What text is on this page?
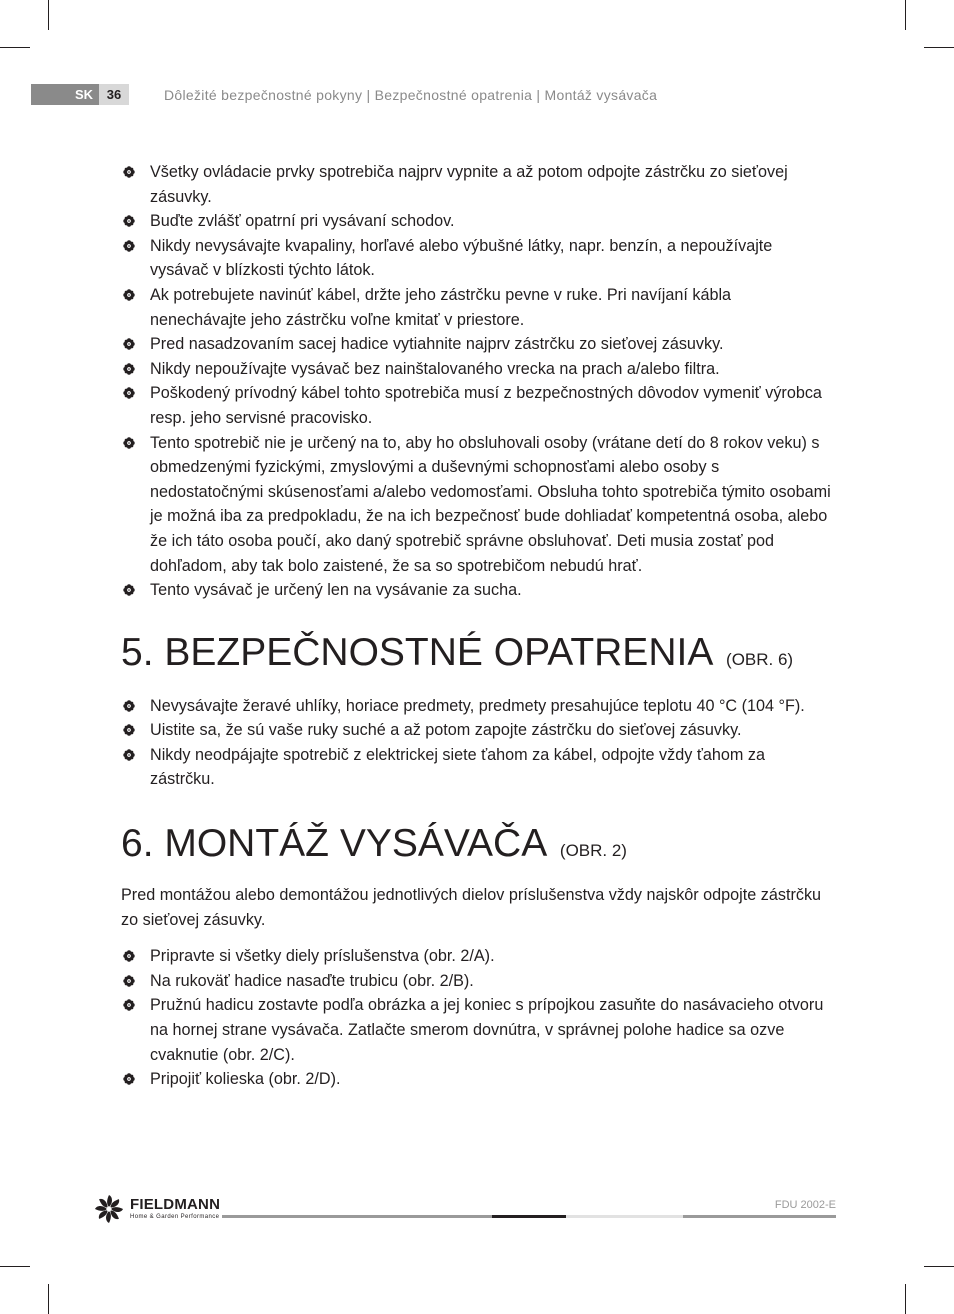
SK	36	Dôležité bezpečnostné pokyny | Bezpečnostné opatrenia | Montáž vysávača
Všetky ovládacie prvky spotrebiča najprv vypnite a až potom odpojte zástrčku zo sieťovej zásuvky.
Buďte zvlášť opatrní pri vysávaní schodov.
Nikdy nevysávajte kvapaliny, horľavé alebo výbušné látky, napr. benzín, a nepoužívajte vysávač v blízkosti týchto látok.
Ak potrebujete navinúť kábel, držte jeho zástrčku pevne v ruke. Pri navíjaní kábla nenechávajte jeho zástrčku voľne kmitať v priestore.
Pred nasadzovaním sacej hadice vytiahnite najprv zástrčku zo sieťovej zásuvky.
Nikdy nepoužívajte vysávač bez nainštalovaného vrecka na prach a/alebo filtra.
Poškodený prívodný kábel tohto spotrebiča musí z bezpečnostných dôvodov vymeniť výrobca resp. jeho servisné pracovisko.
Tento spotrebič nie je určený na to, aby ho obsluhovali osoby (vrátane detí do 8 rokov veku) s obmedzenými fyzickými, zmyslovými a duševnými schopnosťami alebo osoby s nedostatočnými skúsenosťami a/alebo vedomosťami. Obsluha tohto spotrebiča týmito osobami je možná iba za predpokladu, že na ich bezpečnosť bude dohliadať kompetentná osoba, alebo že ich táto osoba poučí, ako daný spotrebič správne obsluhovať. Deti musia zostať pod dohľadom, aby tak bolo zaistené, že sa so spotrebičom nebudú hrať.
Tento vysávač je určený len na vysávanie za sucha.
5. BEZPEČNOSTNÉ OPATRENIA (OBR. 6)
Nevysávajte žeravé uhlíky, horiace predmety, predmety presahujúce teplotu 40 °C (104 °F).
Uistite sa, že sú vaše ruky suché a až potom zapojte zástrčku do sieťovej zásuvky.
Nikdy neodpájajte spotrebič z elektrickej siete ťahom za kábel, odpojte vždy ťahom za zástrčku.
6. MONTÁŽ VYSÁVAČA (OBR. 2)

Pred montážou alebo demontážou jednotlivých dielov príslušenstva vždy najskôr odpojte zástrčku zo sieťovej zásuvky.

Pripravte si všetky diely príslušenstva (obr. 2/A).
Na rukoväť hadice nasaďte trubicu (obr. 2/B).
Pružnú hadicu zostavte podľa obrázka a jej koniec s prípojkou zasuňte do nasávacieho otvoru na hornej strane vysávača. Zatlačte smerom dovnútra, v správnej polohe hadice sa ozve cvaknutie (obr. 2/C).
Pripojiť kolieska (obr. 2/D).
FIELDMANN
Home & Garden Performance
FDU 2002-E
